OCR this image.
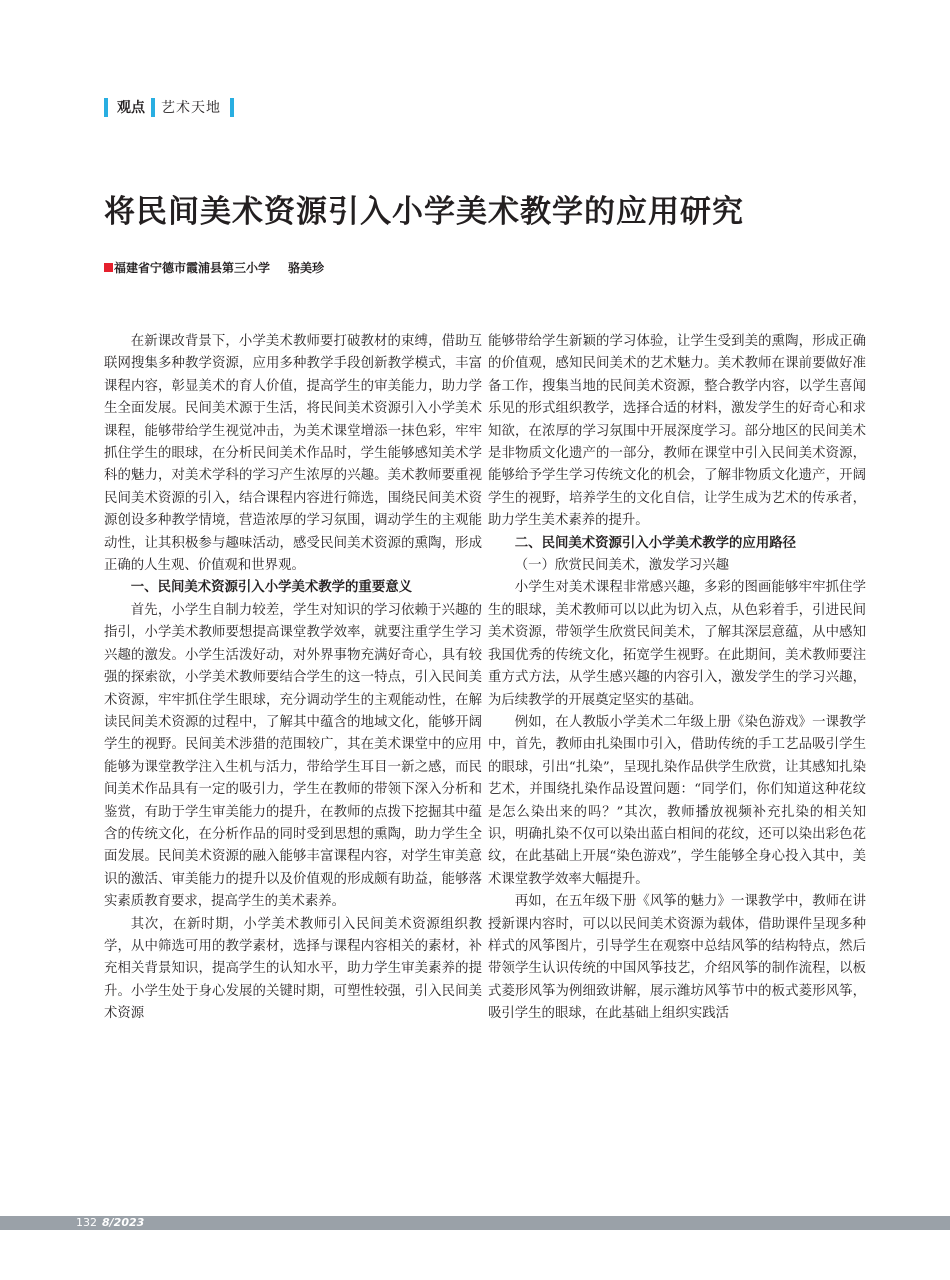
观点 艺术天地
将民间美术资源引入小学美术教学的应用研究
福建省宁德市霞浦县第三小学 骆美珍

在新课改背景下，小学美术教师要打破教材的束缚，借助互联网搜集多种教学资源，应用多种教学手段创新教学模式，丰富课程内容，彰显美术的育人价值，提高学生的审美能力，助力学生全面发展。民间美术源于生活，将民间美术资源引入小学美术课程，能够带给学生视觉冲击，为美术课堂增添一抹色彩，牢牢抓住学生的眼球，在分析民间美术作品时，学生能够感知美术学科的魅力，对美术学科的学习产生浓厚的兴趣。美术教师要重视民间美术资源的引入，结合课程内容进行筛选，围绕民间美术资源创设多种教学情境，营造浓厚的学习氛围，调动学生的主观能动性，让其积极参与趣味活动，感受民间美术资源的熏陶，形成正确的人生观、价值观和世界观。

一、民间美术资源引入小学美术教学的重要意义

首先，小学生自制力较差，学生对知识的学习依赖于兴趣的指引，小学美术教师要想提高课堂教学效率，就要注重学生学习兴趣的激发。小学生活泼好动，对外界事物充满好奇心，具有较强的探索欲，小学美术教师要结合学生的这一特点，引入民间美术资源，牢牢抓住学生眼球，充分调动学生的主观能动性，在解读民间美术资源的过程中，了解其中蕴含的地域文化，能够开阔学生的视野。民间美术涉猎的范围较广，其在美术课堂中的应用能够为课堂教学注入生机与活力，带给学生耳目一新之感，而民间美术作品具有一定的吸引力，学生在教师的带领下深入分析和鉴赏，有助于学生审美能力的提升，在教师的点拨下挖掘其中蕴含的传统文化，在分析作品的同时受到思想的熏陶，助力学生全面发展。民间美术资源的融入能够丰富课程内容，对学生审美意识的激活、审美能力的提升以及价值观的形成颇有助益，能够落实素质教育要求，提高学生的美术素养。

其次，在新时期，小学美术教师引入民间美术资源组织教学，从中筛选可用的教学素材，选择与课程内容相关的素材，补充相关背景知识，提高学生的认知水平，助力学生审美素养的提升。小学生处于身心发展的关键时期，可塑性较强，引入民间美术资源

能够带给学生新颖的学习体验，让学生受到美的熏陶，形成正确的价值观，感知民间美术的艺术魅力。美术教师在课前要做好准备工作，搜集当地的民间美术资源，整合教学内容，以学生喜闻乐见的形式组织教学，选择合适的材料，激发学生的好奇心和求知欲，在浓厚的学习氛围中开展深度学习。部分地区的民间美术是非物质文化遗产的一部分，教师在课堂中引入民间美术资源，能够给予学生学习传统文化的机会，了解非物质文化遗产，开阔学生的视野，培养学生的文化自信，让学生成为艺术的传承者，助力学生美术素养的提升。

二、民间美术资源引入小学美术教学的应用路径
（一）欣赏民间美术，激发学习兴趣

小学生对美术课程非常感兴趣，多彩的图画能够牢牢抓住学生的眼球，美术教师可以以此为切入点，从色彩着手，引进民间美术资源，带领学生欣赏民间美术，了解其深层意蕴，从中感知我国优秀的传统文化，拓宽学生视野。在此期间，美术教师要注重方式方法，从学生感兴趣的内容引入，激发学生的学习兴趣，为后续教学的开展奠定坚实的基础。

例如，在人教版小学美术二年级上册《染色游戏》一课教学中，首先，教师由扎染围巾引入，借助传统的手工艺品吸引学生的眼球，引出“扎染”，呈现扎染作品供学生欣赏，让其感知扎染艺术，并围绕扎染作品设置问题：“同学们，你们知道这种花纹是怎么染出来的吗？”其次，教师播放视频补充扎染的相关知识，明确扎染不仅可以染出蓝白相间的花纹，还可以染出彩色花纹，在此基础上开展“染色游戏”，学生能够全身心投入其中，美术课堂教学效率大幅提升。

再如，在五年级下册《风筝的魅力》一课教学中，教师在讲授新课内容时，可以以民间美术资源为载体，借助课件呈现多种样式的风筝图片，引导学生在观察中总结风筝的结构特点，然后带领学生认识传统的中国风筝技艺，介绍风筝的制作流程，以板式菱形风筝为例细致讲解，展示潍坊风筝节中的板式菱形风筝，吸引学生的眼球，在此基础上组织实践活

132 8/2023
